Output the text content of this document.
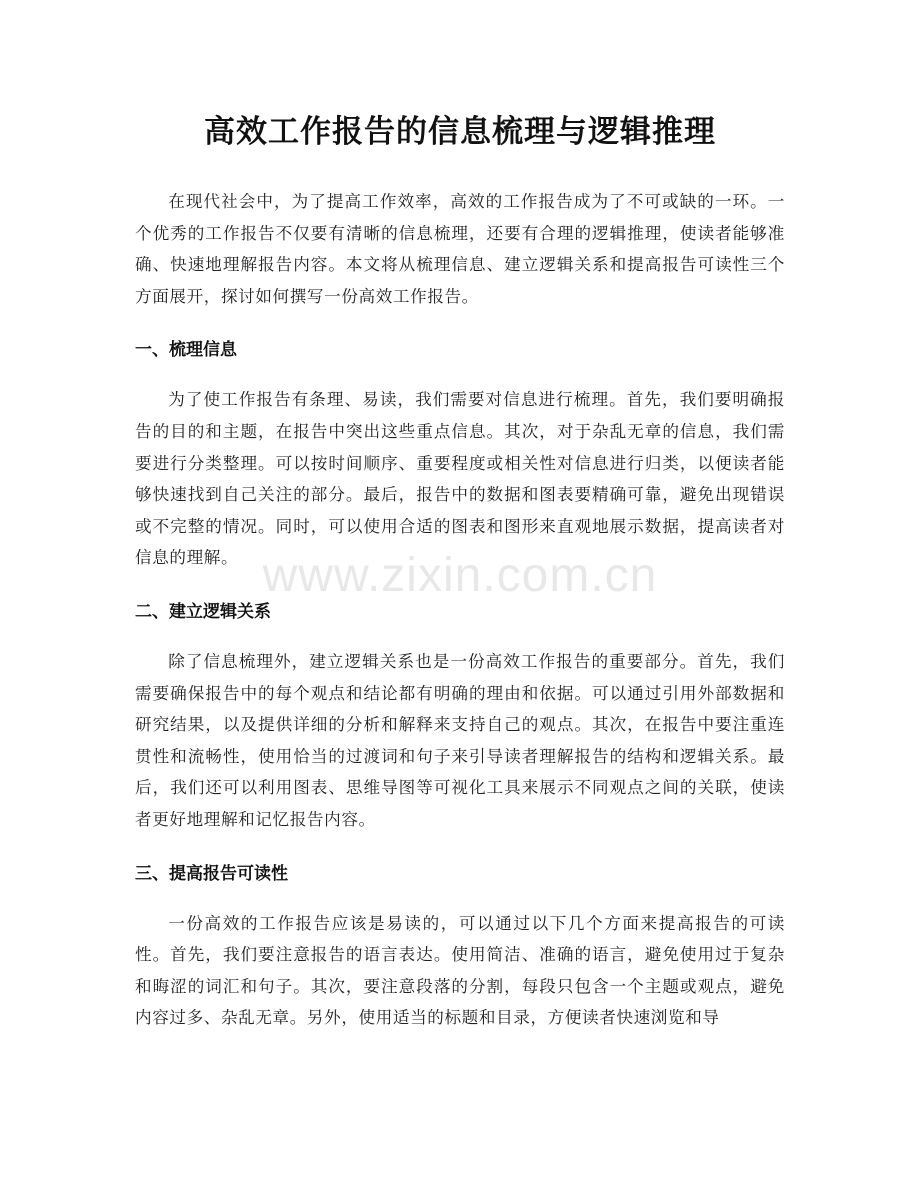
高效工作报告的信息梳理与逻辑推理

在现代社会中，为了提高工作效率，高效的工作报告成为了不可或缺的一环。一个优秀的工作报告不仅要有清晰的信息梳理，还要有合理的逻辑推理，使读者能够准确、快速地理解报告内容。本文将从梳理信息、建立逻辑关系和提高报告可读性三个方面展开，探讨如何撰写一份高效工作报告。

一、梳理信息

为了使工作报告有条理、易读，我们需要对信息进行梳理。首先，我们要明确报告的目的和主题，在报告中突出这些重点信息。其次，对于杂乱无章的信息，我们需要进行分类整理。可以按时间顺序、重要程度或相关性对信息进行归类，以便读者能够快速找到自己关注的部分。最后，报告中的数据和图表要精确可靠，避免出现错误或不完整的情况。同时，可以使用合适的图表和图形来直观地展示数据，提高读者对信息的理解。

二、建立逻辑关系

除了信息梳理外，建立逻辑关系也是一份高效工作报告的重要部分。首先，我们需要确保报告中的每个观点和结论都有明确的理由和依据。可以通过引用外部数据和研究结果，以及提供详细的分析和解释来支持自己的观点。其次，在报告中要注重连贯性和流畅性，使用恰当的过渡词和句子来引导读者理解报告的结构和逻辑关系。最后，我们还可以利用图表、思维导图等可视化工具来展示不同观点之间的关联，使读者更好地理解和记忆报告内容。

三、提高报告可读性

一份高效的工作报告应该是易读的，可以通过以下几个方面来提高报告的可读性。首先，我们要注意报告的语言表达。使用简洁、准确的语言，避免使用过于复杂和晦涩的词汇和句子。其次，要注意段落的分割，每段只包含一个主题或观点，避免内容过多、杂乱无章。另外，使用适当的标题和目录，方便读者快速浏览和导

www.zixin.com.cn
